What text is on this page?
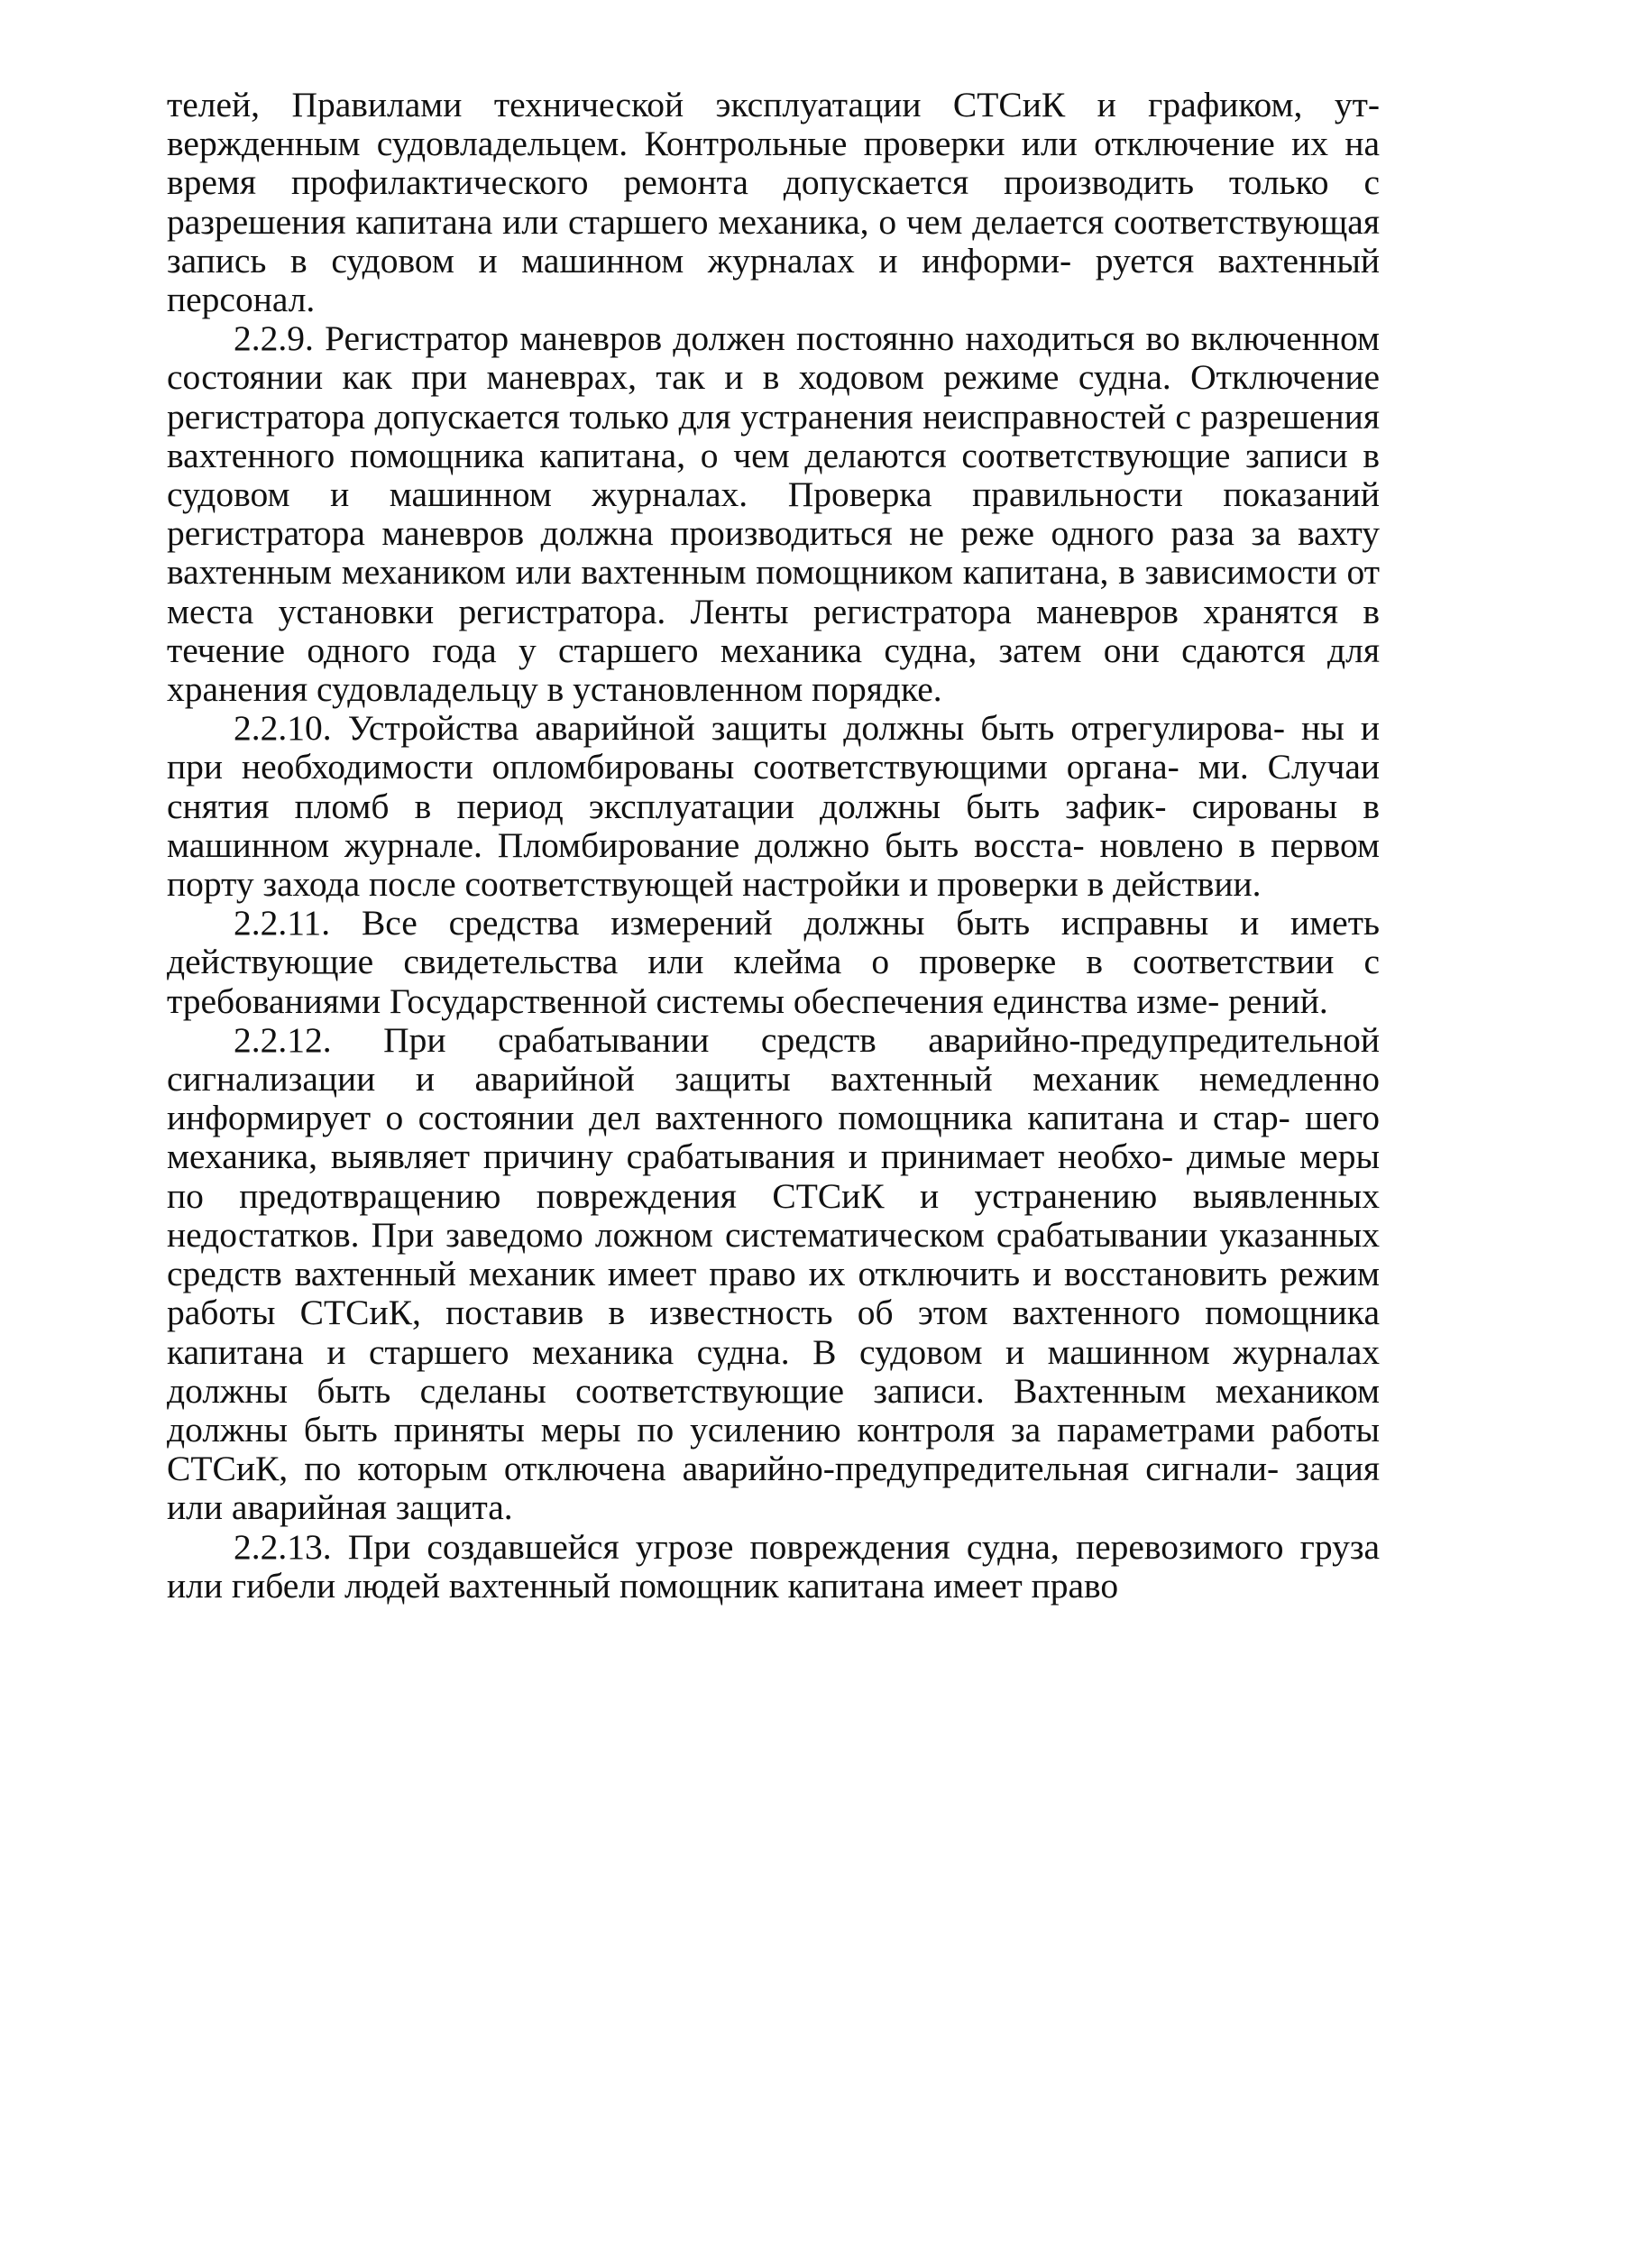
телей, Правилами технической эксплуатации СТСиК и графиком, ут- вержденным судовладельцем. Контрольные проверки или отключение их на время профилактического ремонта допускается производить только с разрешения капитана или старшего механика, о чем делается соответствующая запись в судовом и машинном журналах и информи- руется вахтенный персонал.

2.2.9. Регистратор маневров должен постоянно находиться во включенном состоянии как при маневрах, так и в ходовом режиме судна. Отключение регистратора допускается только для устранения неисправностей с разрешения вахтенного помощника капитана, о чем делаются соответствующие записи в судовом и машинном журналах. Проверка правильности показаний регистратора маневров должна производиться не реже одного раза за вахту вахтенным механиком или вахтенным помощником капитана, в зависимости от места установки регистратора. Ленты регистратора маневров хранятся в течение одного года у старшего механика судна, затем они сдаются для хранения судовладельцу в установленном порядке.

2.2.10. Устройства аварийной защиты должны быть отрегулирова- ны и при необходимости опломбированы соответствующими органа- ми. Случаи снятия пломб в период эксплуатации должны быть зафик- сированы в машинном журнале. Пломбирование должно быть восста- новлено в первом порту захода после соответствующей настройки и проверки в действии.

2.2.11. Все средства измерений должны быть исправны и иметь действующие свидетельства или клейма о проверке в соответствии с требованиями Государственной системы обеспечения единства изме- рений.

2.2.12. При срабатывании средств аварийно-предупредительной сигнализации и аварийной защиты вахтенный механик немедленно информирует о состоянии дел вахтенного помощника капитана и стар- шего механика, выявляет причину срабатывания и принимает необхо- димые меры по предотвращению повреждения СТСиК и устранению выявленных недостатков. При заведомо ложном систематическом срабатывании указанных средств вахтенный механик имеет право их отключить и восстановить режим работы СТСиК, поставив в известность об этом вахтенного помощника капитана и старшего механика судна. В судовом и машинном журналах должны быть сделаны соответствующие записи. Вахтенным механиком должны быть приняты меры по усилению контроля за параметрами работы СТСиК, по которым отключена аварийно-предупредительная сигнали- зация или аварийная защита.

2.2.13. При создавшейся угрозе повреждения судна, перевозимого груза или гибели людей вахтенный помощник капитана имеет право
